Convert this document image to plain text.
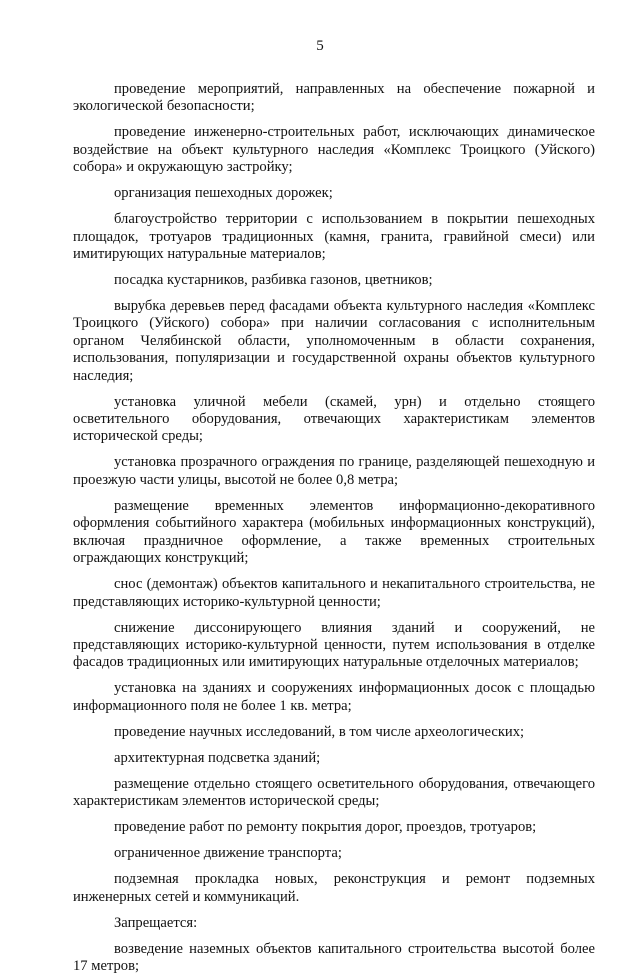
5

проведение мероприятий, направленных на обеспечение пожарной и экологической безопасности;

проведение инженерно-строительных работ, исключающих динамическое воздействие на объект культурного наследия «Комплекс Троицкого (Уйского) собора» и окружающую застройку;

организация пешеходных дорожек;

благоустройство территории с использованием в покрытии пешеходных площадок, тротуаров традиционных (камня, гранита, гравийной смеси) или имитирующих натуральные материалов;

посадка кустарников, разбивка газонов, цветников;

вырубка деревьев перед фасадами объекта культурного наследия «Комплекс Троицкого (Уйского) собора» при наличии согласования с исполнительным органом Челябинской области, уполномоченным в области сохранения, использования, популяризации и государственной охраны объектов культурного наследия;

установка уличной мебели (скамей, урн) и отдельно стоящего осветительного оборудования, отвечающих характеристикам элементов исторической среды;

установка прозрачного ограждения по границе, разделяющей пешеходную и проезжую части улицы, высотой не более 0,8 метра;

размещение временных элементов информационно-декоративного оформления событийного характера (мобильных информационных конструкций), включая праздничное оформление, а также временных строительных ограждающих конструкций;

снос (демонтаж) объектов капитального и некапитального строительства, не представляющих историко-культурной ценности;

снижение диссонирующего влияния зданий и сооружений, не представляющих историко-культурной ценности, путем использования в отделке фасадов традиционных или имитирующих натуральные отделочных материалов;

установка на зданиях и сооружениях информационных досок с площадью информационного поля не более 1 кв. метра;

проведение научных исследований, в том числе археологических;

архитектурная подсветка зданий;

размещение отдельно стоящего осветительного оборудования, отвечающего характеристикам элементов исторической среды;

проведение работ по ремонту покрытия дорог, проездов, тротуаров;

ограниченное движение транспорта;

подземная прокладка новых, реконструкция и ремонт подземных инженерных сетей и коммуникаций.

Запрещается:

возведение наземных объектов капитального строительства высотой более 17 метров;
